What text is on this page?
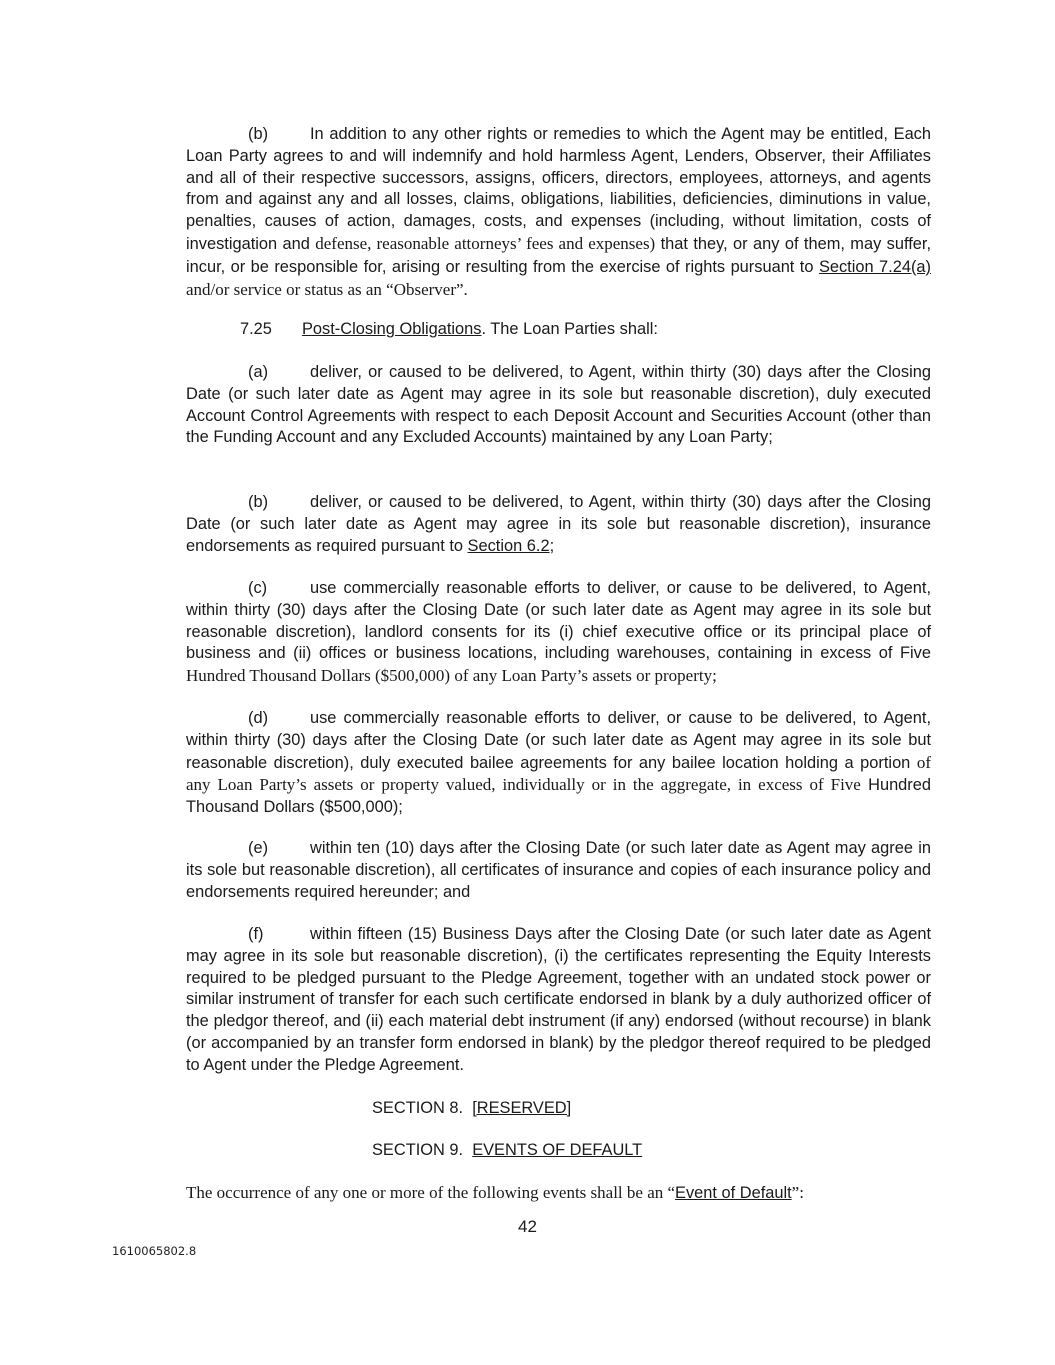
(b)	In addition to any other rights or remedies to which the Agent may be entitled, Each Loan Party agrees to and will indemnify and hold harmless Agent, Lenders, Observer, their Affiliates and all of their respective successors, assigns, officers, directors, employees, attorneys, and agents from and against any and all losses, claims, obligations, liabilities, deficiencies, diminutions in value, penalties, causes of action, damages, costs, and expenses (including, without limitation, costs of investigation and defense, reasonable attorneys’ fees and expenses) that they, or any of them, may suffer, incur, or be responsible for, arising or resulting from the exercise of rights pursuant to Section 7.24(a) and/or service or status as an “Observer”.

7.25 Post-Closing Obligations. The Loan Parties shall:

(a)	deliver, or caused to be delivered, to Agent, within thirty (30) days after the Closing Date (or such later date as Agent may agree in its sole but reasonable discretion), duly executed Account Control Agreements with respect to each Deposit Account and Securities Account (other than the Funding Account and any Excluded Accounts) maintained by any Loan Party;

(b)	deliver, or caused to be delivered, to Agent, within thirty (30) days after the Closing Date (or such later date as Agent may agree in its sole but reasonable discretion), insurance endorsements as required pursuant to Section 6.2;

(c)	use commercially reasonable efforts to deliver, or cause to be delivered, to Agent, within thirty (30) days after the Closing Date (or such later date as Agent may agree in its sole but reasonable discretion), landlord consents for its (i) chief executive office or its principal place of business and (ii) offices or business locations, including warehouses, containing in excess of Five Hundred Thousand Dollars ($500,000) of any Loan Party’s assets or property;

(d)	use commercially reasonable efforts to deliver, or cause to be delivered, to Agent, within thirty (30) days after the Closing Date (or such later date as Agent may agree in its sole but reasonable discretion), duly executed bailee agreements for any bailee location holding a portion of any Loan Party’s assets or property valued, individually or in the aggregate, in excess of Five Hundred Thousand Dollars ($500,000);

(e)	within ten (10) days after the Closing Date (or such later date as Agent may agree in its sole but reasonable discretion), all certificates of insurance and copies of each insurance policy and endorsements required hereunder; and

(f)	within fifteen (15) Business Days after the Closing Date (or such later date as Agent may agree in its sole but reasonable discretion), (i) the certificates representing the Equity Interests required to be pledged pursuant to the Pledge Agreement, together with an undated stock power or similar instrument of transfer for each such certificate endorsed in blank by a duly authorized officer of the pledgor thereof, and (ii) each material debt instrument (if any) endorsed (without recourse) in blank (or accompanied by an transfer form endorsed in blank) by the pledgor thereof required to be pledged to Agent under the Pledge Agreement.

SECTION 8. [RESERVED]

SECTION 9. EVENTS OF DEFAULT

The occurrence of any one or more of the following events shall be an “Event of Default”:

42
1610065802.8
